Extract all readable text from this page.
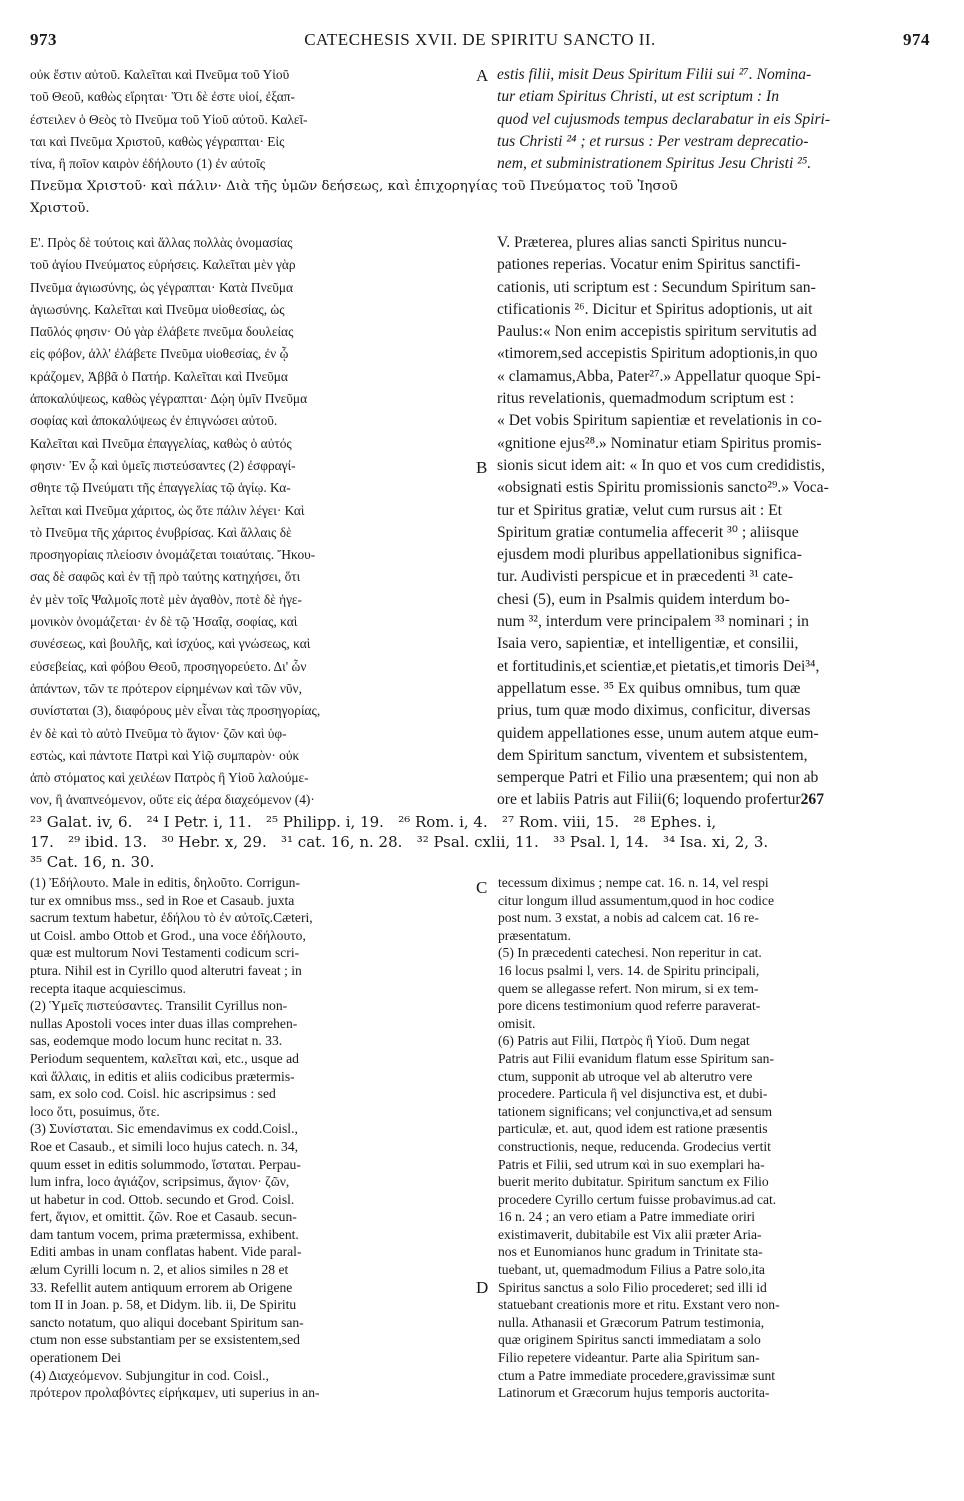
973	CATECHESIS XVII. DE SPIRITU SANCTO II.	974
οὐκ ἔστιν αὐτοῦ. Καλεῖται καὶ Πνεῦμα τοῦ Υἱοῦ
τοῦ Θεοῦ, καθὼς εἴρηται· Ὅτι δὲ ἐστε υἱοί, ἐξαπ-
έστειλεν ὁ Θεὸς τὸ Πνεῦμα τοῦ Υἱοῦ αὐτοῦ. Καλεῖ-
ται καὶ Πνεῦμα Χριστοῦ, καθὼς γέγραπται· Εἰς
τίνα, ἢ ποῖον καιρὸν ἐδήλουτο (1) ἐν αὐτοῖς
A estis filii, misit Deus Spiritum Filii sui ²⁷. Nomina-
tur etiam Spiritus Christi, ut est scriptum : In
quod vel cujusmods tempus declarabatur in eis Spiri-
tus Christi ²⁴ ; et rursus : Per vestram deprecatio-
nem, et subministrationem Spiritus Jesu Christi ²⁵.
Πνεῦμα Χριστοῦ· καὶ πάλιν· Διὰ τῆς ὑμῶν δεήσεως, καὶ ἐπιχορηγίας τοῦ Πνεύματος τοῦ Ἰησοῦ
Χριστοῦ.
Ε'. Πρὸς δὲ τούτοις καὶ ἄλλας πολλὰς ὀνομασίας
τοῦ ἁγίου Πνεύματος εὑρήσεις. Καλεῖται μὲν γὰρ
Πνεῦμα ἁγιωσύνης, ὡς γέγραπται· Κατὰ Πνεῦμα
ἁγιωσύνης. Καλεῖται καὶ Πνεῦμα υἱοθεσίας, ὡς
Παῦλός φησιν· Οὐ γὰρ ἐλάβετε πνεῦμα δουλείας
εἰς φόβον, ἀλλ' ἐλάβετε Πνεῦμα υἱοθεσίας, ἐν ᾧ
κράζομεν, Ἀββᾶ ὁ Πατήρ. Καλεῖται καὶ Πνεῦμα
ἀποκαλύψεως, καθὼς γέγραπται· Δῴη ὑμῖν Πνεῦμα
σοφίας καὶ ἀποκαλύψεως ἐν ἐπιγνώσει αὐτοῦ.
Καλεῖται καὶ Πνεῦμα ἐπαγγελίας, καθὼς ὁ αὐτός
φησιν· Ἐν ᾧ καὶ ὑμεῖς πιστεύσαντες (2) ἐσφραγί-
σθητε τῷ Πνεύματι τῆς ἐπαγγελίας τῷ ἁγίῳ. Κα-
λεῖται καὶ Πνεῦμα χάριτος, ὡς ὅτε πάλιν λέγει· Καὶ
τὸ Πνεῦμα τῆς χάριτος ἐνυβρίσας. Καὶ ἄλλαις δὲ
προσηγορίαις πλείοσιν ὀνομάζεται τοιαύταις. Ἤκου-
σας δὲ σαφῶς καὶ ἐν τῇ πρὸ ταύτης κατηχήσει, ὅτι
ἐν μὲν τοῖς Ψαλμοῖς ποτὲ μὲν ἀγαθὸν, ποτὲ δὲ ἡγε-
μονικὸν ὀνομάζεται· ἐν δὲ τῷ Ἡσαΐᾳ, σοφίας, καὶ
συνέσεως, καὶ βουλῆς, καὶ ἰσχύος, καὶ γνώσεως, καὶ
εὐσεβείας, καὶ φόβου Θεοῦ, προσηγορεύετο. Δι' ὧν
ἁπάντων, τῶν τε πρότερον εἰρημένων καὶ τῶν νῦν,
συνίσταται (3), διαφόρους μὲν εἶναι τὰς προσηγορίας,
ἐν δὲ καὶ τὸ αὐτὸ Πνεῦμα τὸ ἅγιον· ζῶν καὶ ὑφ-
εστὼς, καὶ πάντοτε Πατρὶ καὶ Υἱῷ συμπαρὸν· οὐκ
ἀπὸ στόματος καὶ χειλέων Πατρὸς ἢ Υἱοῦ λαλούμε-
νον, ἢ ἀναπνεόμενον, οὔτε εἰς ἀέρα διαχεόμενον (4)·
B
V. Præterea, plures alias sancti Spiritus nuncu-
pationes reperias. Vocatur enim Spiritus sanctifi-
cationis, uti scriptum est : Secundum Spiritum san-
ctificationis ²⁶. Dicitur et Spiritus adoptionis, ut ait
Paulus:« Non enim accepistis spiritum servitutis ad
«timorem,sed accepistis Spiritum adoptionis,in quo
« clamamus,Abba, Pater²⁷.» Appellatur quoque Spi-
ritus revelationis, quemadmodum scriptum est :
« Det vobis Spiritum sapientiæ et revelationis in co-
«gnitione ejus²⁸.» Nominatur etiam Spiritus promis-
sionis sicut idem ait: « In quo et vos cum credidistis,
«obsignati estis Spiritu promissionis sancto²⁹.» Voca-
tur et Spiritus gratiæ, velut cum rursus ait : Et
Spiritum gratiæ contumelia affecerit ³⁰ ; aliisque
ejusdem modi pluribus appellationibus significa-
tur. Audivisti perspicue et in præcedenti ³¹ cate-
chesi (5), eum in Psalmis quidem interdum bo-
num ³², interdum vere principalem ³³ nominari ; in
Isaia vero, sapientiæ, et intelligentiæ, et consilii,
et fortitudinis,et scientiæ,et pietatis,et timoris Dei³⁴,
appellatum esse. ³⁵ Ex quibus omnibus, tum quæ
prius, tum quæ modo diximus, conficitur, diversas
quidem appellationes esse, unum autem atque eum-
dem Spiritum sanctum, viventem et subsistentem,
semperque Patri et Filio una præsentem; qui non ab
ore et labiis Patris aut Filii(6; loquendo profertur267
²³ Galat. iv, 6.   ²⁴ I Petr. i, 11.   ²⁵ Philipp. i, 19.   ²⁶ Rom. i, 4.   ²⁷ Rom. viii, 15.   ²⁸ Ephes. i,
17.   ²⁹ ibid. 13.   ³⁰ Hebr. x, 29.   ³¹ cat. 16, n. 28.   ³² Psal. cxlii, 11.   ³³ Psal. l, 14.   ³⁴ Isa. xi, 2, 3.
³⁵ Cat. 16, n. 30.
C
D
(1) Ἐδήλουτο. Male in editis, δηλοῦτο. Corrigun-
tur ex omnibus mss., sed in Roe et Casaub. juxta
sacrum textum habetur, ἐδήλου τὸ ἐν αὐτοῖς.Cæteri,
ut Coisl. ambo Ottob et Grod., una voce ἐδήλουτο,
quæ est multorum Novi Testamenti codicum scri-
ptura. Nihil est in Cyrillo quod alterutri faveat ; in
recepta itaque acquiescimus.
(2) Ὑμεῖς πιστεύσαντες. Transilit Cyrillus non-
nullas Apostoli voces inter duas illas comprehen-
sas, eodemque modo locum hunc recitat n. 33.
Periodum sequentem, καλεῖται καὶ, etc., usque ad
καὶ ἄλλαις, in editis et aliis codicibus prætermis-
sam, ex solo cod. Coisl. hic ascripsimus : sed
loco ὅτι, posuimus, ὅτε.
(3) Συνίσταται. Sic emendavimus ex codd.Coisl.,
Roe et Casaub., et simili loco hujus catech. n. 34,
quum esset in editis solummodo, ἵσταται. Perpau-
lum infra, loco ἁγιάζον, scripsimus, ἅγιον· ζῶν,
ut habetur in cod. Ottob. secundo et Grod. Coisl.
fert, ἅγιον, et omittit. ζῶν. Roe et Casaub. secun-
dam tantum vocem, prima prætermissa, exhibent.
Editi ambas in unam conflatas habent. Vide paral-
ælum Cyrilli locum n. 2, et alios similes n 28 et
33. Refellit autem antiquum errorem ab Origene
tom II in Joan. p. 58, et Didym. lib. ii, De Spiritu
sancto notatum, quo aliqui docebant Spiritum san-
ctum non esse substantiam per se exsistentem,sed
operationem Dei
(4) Διαχεόμενον. Subjungitur in cod. Coisl.,
πρότερον προλαβόντες εἰρήκαμεν, uti superius in an-
tecessum diximus ; nempe cat. 16. n. 14, vel respi
citur longum illud assumentum,quod in hoc codice
post num. 3 exstat, a nobis ad calcem cat. 16 re-
præsentatum.
(5) In præcedenti catechesi. Non reperitur in cat.
16 locus psalmi l, vers. 14. de Spiritu principali,
quem se allegasse refert. Non mirum, si ex tem-
pore dicens testimonium quod referre paraverat-
omisit.
(6) Patris aut Filii, Πατρὸς ἢ Υἱοῦ. Dum negat
Patris aut Filii evanidum flatum esse Spiritum san-
ctum, supponit ab utroque vel ab alterutro vere
procedere. Particula ἢ vel disjunctiva est, et dubi-
tationem significans; vel conjunctiva,et ad sensum
particulæ, et. aut, quod idem est ratione præsentis
constructionis, neque, reducenda. Grodecius vertit
Patris et Filii, sed utrum καὶ in suo exemplari ha-
buerit merito dubitatur. Spiritum sanctum ex Filio
procedere Cyrillo certum fuisse probavimus.ad cat.
16 n. 24 ; an vero etiam a Patre immediate oriri
existimaverit, dubitabile est Vix alii præter Aria-
nos et Eunomianos hunc gradum in Trinitate sta-
tuebant, ut, quemadmodum Filius a Patre solo,ita
Spiritus sanctus a solo Filio procederet; sed illi id
statuebant creationis more et ritu. Exstant vero non-
nulla. Athanasii et Græcorum Patrum testimonia,
quæ originem Spiritus sancti immediatam a solo
Filio repetere videantur. Parte alia Spiritum san-
ctum a Patre immediate procedere,gravissimæ sunt
Latinorum et Græcorum hujus temporis auctorita-
